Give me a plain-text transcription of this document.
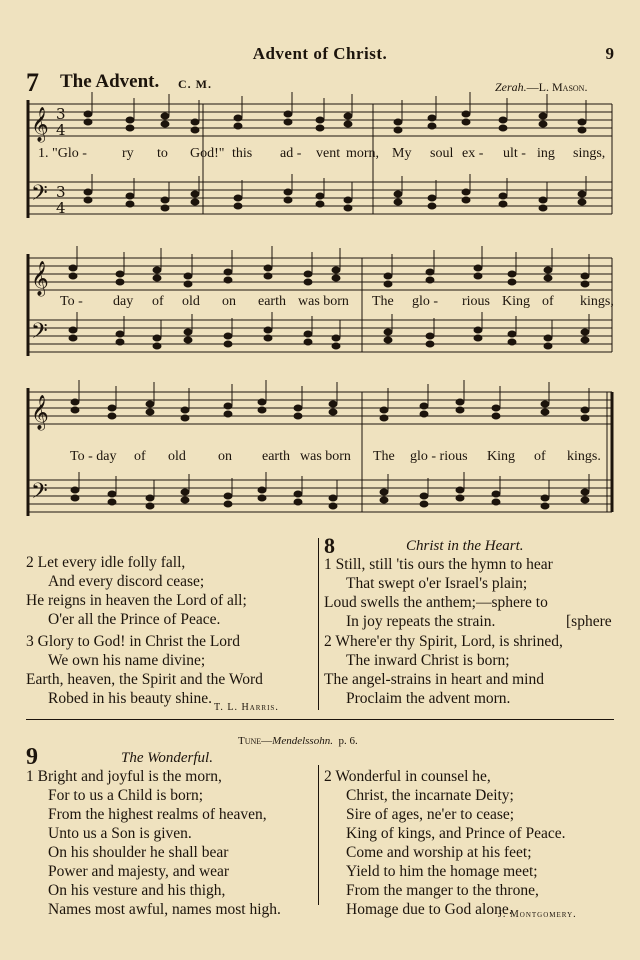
Advent of Christ.	9
7 The Advent. C. M.	Zerah.—L. Mason.
𝄞
𝄢
3
4
3
4
𝄞
𝄢
𝄞
𝄢
1. "Glo -	ry to God!" this ad - vent morn, My soul ex - ult - ing sings,
To - day of old on earth was born The glo - rious King of kings,
To - day of old on earth was born The glo - rious King of kings.
2 Let every idle folly fall,
And every discord cease;
He reigns in heaven the Lord of all;
O'er all the Prince of Peace.
3 Glory to God! in Christ the Lord
We own his name divine;
Earth, heaven, the Spirit and the Word
Robed in his beauty shine.
T. L. Harris.
8	Christ in the Heart.
1 Still, still 'tis ours the hymn to hear
That swept o'er Israel's plain;
Loud swells the anthem;—sphere to
In joy repeats the strain.	[sphere
2 Where'er thy Spirit, Lord, is shrined,
The inward Christ is born;
The angel-strains in heart and mind
Proclaim the advent morn.
Tune—Mendelssohn. p. 6.
9	The Wonderful.
1 Bright and joyful is the morn,
For to us a Child is born;
From the highest realms of heaven,
Unto us a Son is given.
On his shoulder he shall bear
Power and majesty, and wear
On his vesture and his thigh,
Names most awful, names most high.
2 Wonderful in counsel he,
Christ, the incarnate Deity;
Sire of ages, ne'er to cease;
King of kings, and Prince of Peace.
Come and worship at his feet;
Yield to him the homage meet;
From the manger to the throne,
Homage due to God alone.
J. Montgomery.
